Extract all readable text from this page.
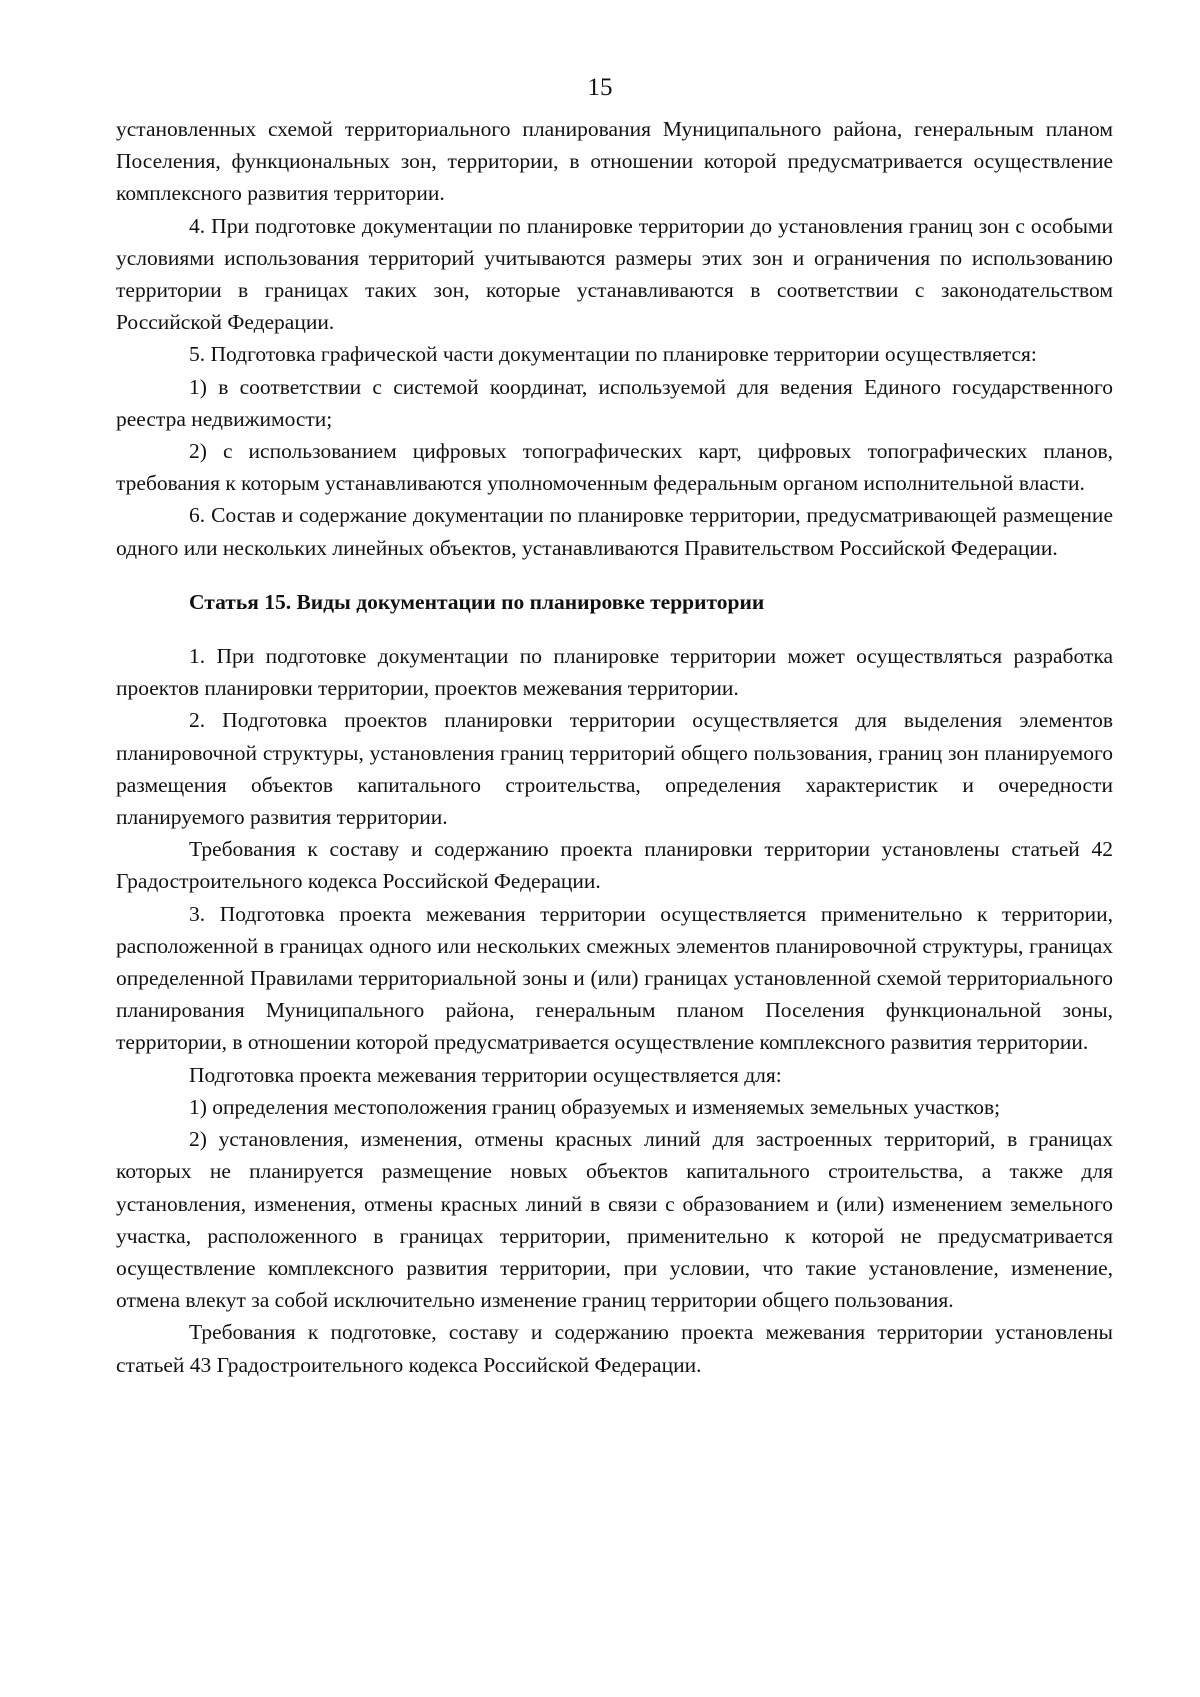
15

установленных схемой территориального планирования Муниципального района, генеральным планом Поселения, функциональных зон, территории, в отношении которой предусматривается осуществление комплексного развития территории.

4. При подготовке документации по планировке территории до установления границ зон с особыми условиями использования территорий учитываются размеры этих зон и ограничения по использованию территории в границах таких зон, которые устанавливаются в соответствии с законодательством Российской Федерации.

5. Подготовка графической части документации по планировке территории осуществляется:

1) в соответствии с системой координат, используемой для ведения Единого государственного реестра недвижимости;

2) с использованием цифровых топографических карт, цифровых топографических планов, требования к которым устанавливаются уполномоченным федеральным органом исполнительной власти.

6. Состав и содержание документации по планировке территории, предусматривающей размещение одного или нескольких линейных объектов, устанавливаются Правительством Российской Федерации.

Статья 15. Виды документации по планировке территории

1. При подготовке документации по планировке территории может осуществляться разработка проектов планировки территории, проектов межевания территории.

2. Подготовка проектов планировки территории осуществляется для выделения элементов планировочной структуры, установления границ территорий общего пользования, границ зон планируемого размещения объектов капитального строительства, определения характеристик и очередности планируемого развития территории.

Требования к составу и содержанию проекта планировки территории установлены статьей 42 Градостроительного кодекса Российской Федерации.

3. Подготовка проекта межевания территории осуществляется применительно к территории, расположенной в границах одного или нескольких смежных элементов планировочной структуры, границах определенной Правилами территориальной зоны и (или) границах установленной схемой территориального планирования Муниципального района, генеральным планом Поселения функциональной зоны, территории, в отношении которой предусматривается осуществление комплексного развития территории.

Подготовка проекта межевания территории осуществляется для:

1) определения местоположения границ образуемых и изменяемых земельных участков;

2) установления, изменения, отмены красных линий для застроенных территорий, в границах которых не планируется размещение новых объектов капитального строительства, а также для установления, изменения, отмены красных линий в связи с образованием и (или) изменением земельного участка, расположенного в границах территории, применительно к которой не предусматривается осуществление комплексного развития территории, при условии, что такие установление, изменение, отмена влекут за собой исключительно изменение границ территории общего пользования.

Требования к подготовке, составу и содержанию проекта межевания территории установлены статьей 43 Градостроительного кодекса Российской Федерации.
